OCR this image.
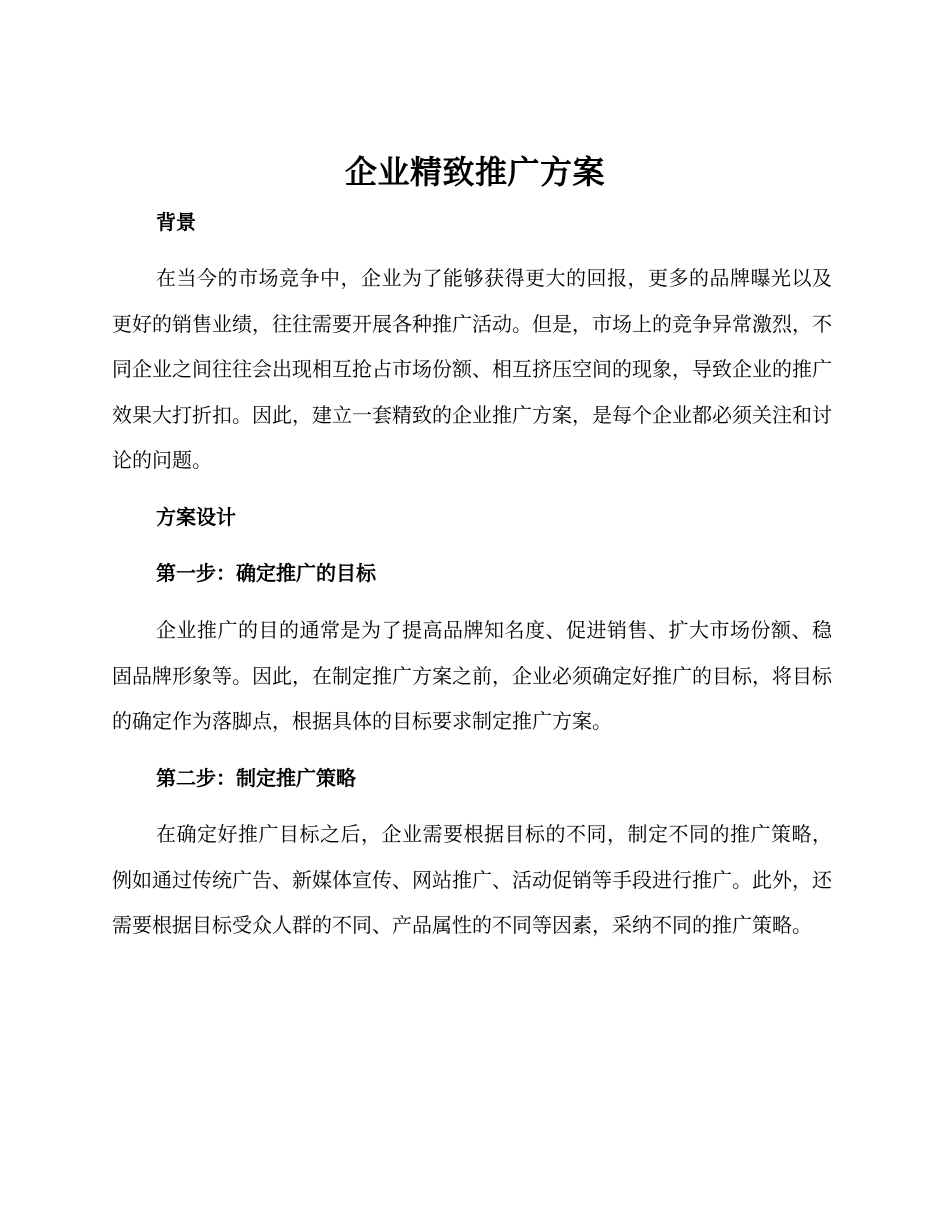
企业精致推广方案
背景

在当今的市场竞争中，企业为了能够获得更大的回报，更多的品牌曝光以及更好的销售业绩，往往需要开展各种推广活动。但是，市场上的竞争异常激烈，不同企业之间往往会出现相互抢占市场份额、相互挤压空间的现象，导致企业的推广效果大打折扣。因此，建立一套精致的企业推广方案，是每个企业都必须关注和讨论的问题。

方案设计
第一步：确定推广的目标

企业推广的目的通常是为了提高品牌知名度、促进销售、扩大市场份额、稳固品牌形象等。因此，在制定推广方案之前，企业必须确定好推广的目标，将目标的确定作为落脚点，根据具体的目标要求制定推广方案。

第二步：制定推广策略

在确定好推广目标之后，企业需要根据目标的不同，制定不同的推广策略，例如通过传统广告、新媒体宣传、网站推广、活动促销等手段进行推广。此外，还需要根据目标受众人群的不同、产品属性的不同等因素，采纳不同的推广策略。
